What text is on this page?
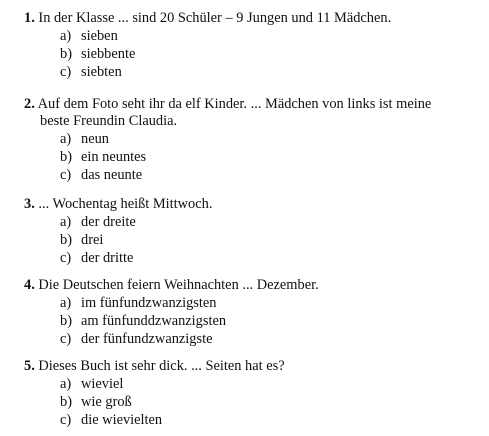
1. In der Klasse ... sind 20 Schüler – 9 Jungen und 11 Mädchen.

a) sieben

b) siebbente

c) siebten

2. Auf dem Foto seht ihr da elf Kinder. ... Mädchen von links ist meine

beste Freundin Claudia.

a) neun

b) ein neuntes

c) das neunte

3. ... Wochentag heißt Mittwoch.

a) der dreite

b) drei

c) der dritte

4. Die Deutschen feiern Weihnachten ... Dezember.

a) im fünfundzwanzigsten

b) am fünfunddzwanzigsten

c) der fünfundzwanzigste

5. Dieses Buch ist sehr dick. ... Seiten hat es?

a) wieviel

b) wie groß

c) die wievielten
